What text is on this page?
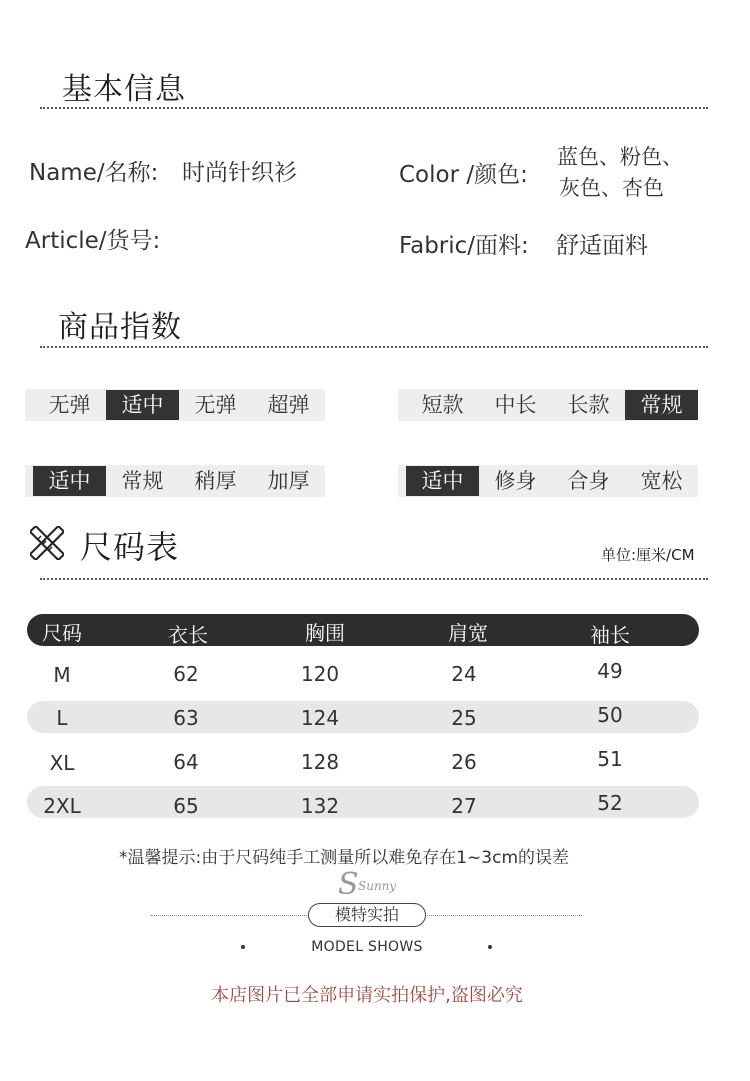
基本信息
Name/名称: 时尚针织衫	Color /颜色:
蓝色、粉色、
灰色、杏色
Article/货号:	Fabric/面料: 舒适面料
商品指数
无弹	适中	无弹	超弹	短款	中长	长款	常规
适中	常规	稍厚	加厚	适中	修身	合身	宽松
尺码表	单位:厘米/CM
尺码	衣长	胸围	肩宽	袖长
M	62	120	24	49
L	63	124	25	50
XL	64	128	26	51
2XL	65	132	27	52
*温馨提示:由于尺码纯手工测量所以难免存在1~3cm的误差
S Sunny
模特实拍
MODEL SHOWS
本店图片已全部申请实拍保护,盗图必究
